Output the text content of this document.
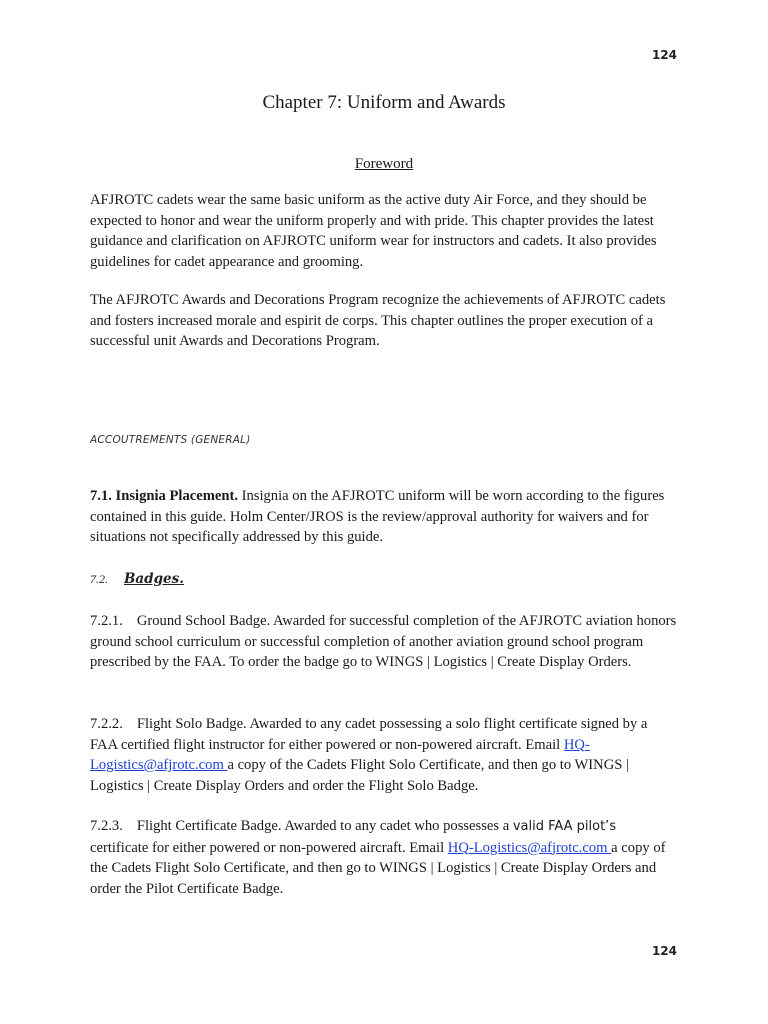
124
Chapter 7: Uniform and Awards
Foreword

AFJROTC cadets wear the same basic uniform as the active duty Air Force, and they should be expected to honor and wear the uniform properly and with pride. This chapter provides the latest guidance and clarification on AFJROTC uniform wear for instructors and cadets. It also provides guidelines for cadet appearance and grooming.

The AFJROTC Awards and Decorations Program recognize the achievements of AFJROTC cadets and fosters increased morale and espirit de corps. This chapter outlines the proper execution of a successful unit Awards and Decorations Program.

ACCOUTREMENTS (GENERAL)

7.1. Insignia Placement. Insignia on the AFJROTC uniform will be worn according to the figures contained in this guide. Holm Center/JROS is the review/approval authority for waivers and for situations not specifically addressed by this guide.

7.2. Badges.

7.2.1. Ground School Badge. Awarded for successful completion of the AFJROTC aviation honors ground school curriculum or successful completion of another aviation ground school program prescribed by the FAA. To order the badge go to WINGS | Logistics | Create Display Orders.

7.2.2. Flight Solo Badge. Awarded to any cadet possessing a solo flight certificate signed by a FAA certified flight instructor for either powered or non-powered aircraft. Email HQ-Logistics@afjrotc.com a copy of the Cadets Flight Solo Certificate, and then go to WINGS | Logistics | Create Display Orders and order the Flight Solo Badge.

7.2.3. Flight Certificate Badge. Awarded to any cadet who possesses a valid FAA pilot’s certificate for either powered or non-powered aircraft. Email HQ-Logistics@afjrotc.com a copy of the Cadets Flight Solo Certificate, and then go to WINGS | Logistics | Create Display Orders and order the Pilot Certificate Badge.

124
